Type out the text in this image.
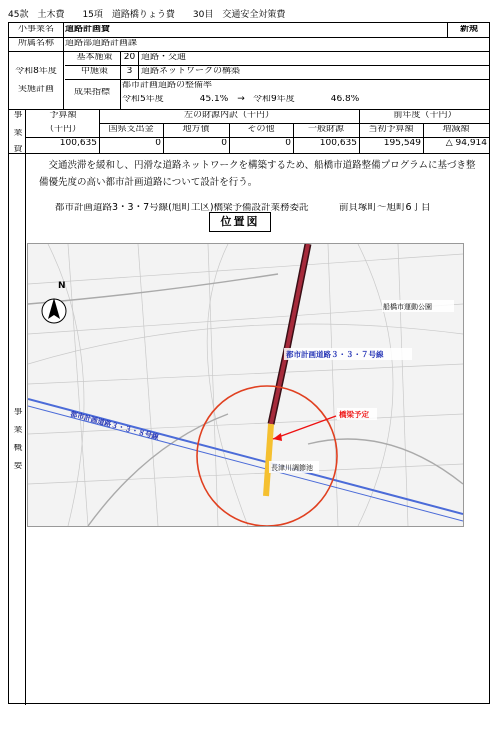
45款　土木費　　15項　道路橋りょう費　　30目　交通安全対策費
小事業名	道路計画費	新規
所属名称	道路部道路計画課
令和8年度
実施計画
基本施策	20 道路・交通
中施策	3 道路ネットワークの構築
成果指標
都市計画道路の整備率
令和5年度　　　　45.1% → 令和9年度　　　　46.8%
事
業
費
予算額
（千円）
左の財源内訳（千円）	前年度（千円）
国県支出金	地方債	その他	一般財源	当初予算額	増減額
100,635	0	0	0	100,635	195,549	△ 94,914
事
業
概
要
交通渋滞を緩和し、円滑な道路ネットワークを構築するため、船橋市道路整備プログラムに基づき整備優先度の高い都市計画道路について設計を行う。
都市計画道路3・3・7号線(旭町工区)橋梁予備設計業務委託	前貝塚町～旭町6丁目
位置図
N
船橋市運動公園
都市計画道路３・３・７号線
橋梁予定
都市計画道路３・３・８号線
長津川調節池
